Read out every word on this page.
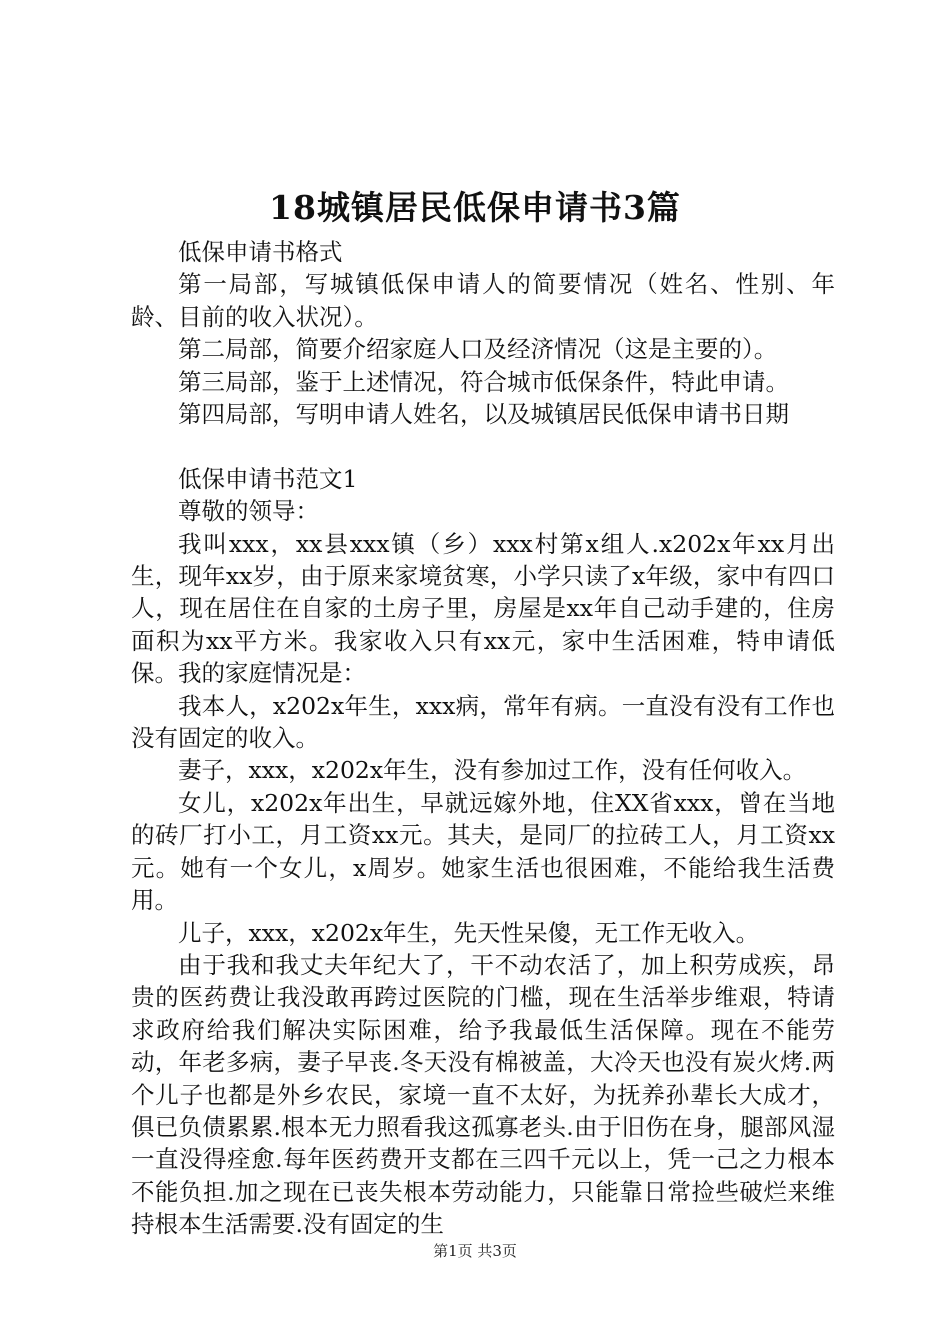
18城镇居民低保申请书3篇

低保申请书格式

第一局部，写城镇低保申请人的简要情况（姓名、性别、年龄、目前的收入状况）。

第二局部，简要介绍家庭人口及经济情况（这是主要的）。

第三局部，鉴于上述情况，符合城市低保条件，特此申请。

第四局部，写明申请人姓名，以及城镇居民低保申请书日期

低保申请书范文1

尊敬的领导：

我叫xxx，xx县xxx镇（乡）xxx村第x组人.x202x年xx月出生，现年xx岁，由于原来家境贫寒，小学只读了x年级，家中有四口人，现在居住在自家的土房子里，房屋是xx年自己动手建的，住房面积为xx平方米。我家收入只有xx元，家中生活困难，特申请低保。我的家庭情况是：

我本人，x202x年生，xxx病，常年有病。一直没有没有工作也没有固定的收入。

妻子，xxx，x202x年生，没有参加过工作，没有任何收入。

女儿，x202x年出生，早就远嫁外地，住XX省xxx，曾在当地的砖厂打小工，月工资xx元。其夫，是同厂的拉砖工人，月工资xx元。她有一个女儿，x周岁。她家生活也很困难，不能给我生活费用。

儿子，xxx，x202x年生，先天性呆傻，无工作无收入。

由于我和我丈夫年纪大了，干不动农活了，加上积劳成疾，昂贵的医药费让我没敢再跨过医院的门槛，现在生活举步维艰，特请求政府给我们解决实际困难，给予我最低生活保障。现在不能劳动，年老多病，妻子早丧.冬天没有棉被盖，大冷天也没有炭火烤.两个儿子也都是外乡农民，家境一直不太好，为抚养孙辈长大成才，俱已负债累累.根本无力照看我这孤寡老头.由于旧伤在身，腿部风湿一直没得痊愈.每年医药费开支都在三四千元以上，凭一己之力根本不能负担.加之现在已丧失根本劳动能力，只能靠日常捡些破烂来维持根本生活需要.没有固定的生

第1页 共3页
